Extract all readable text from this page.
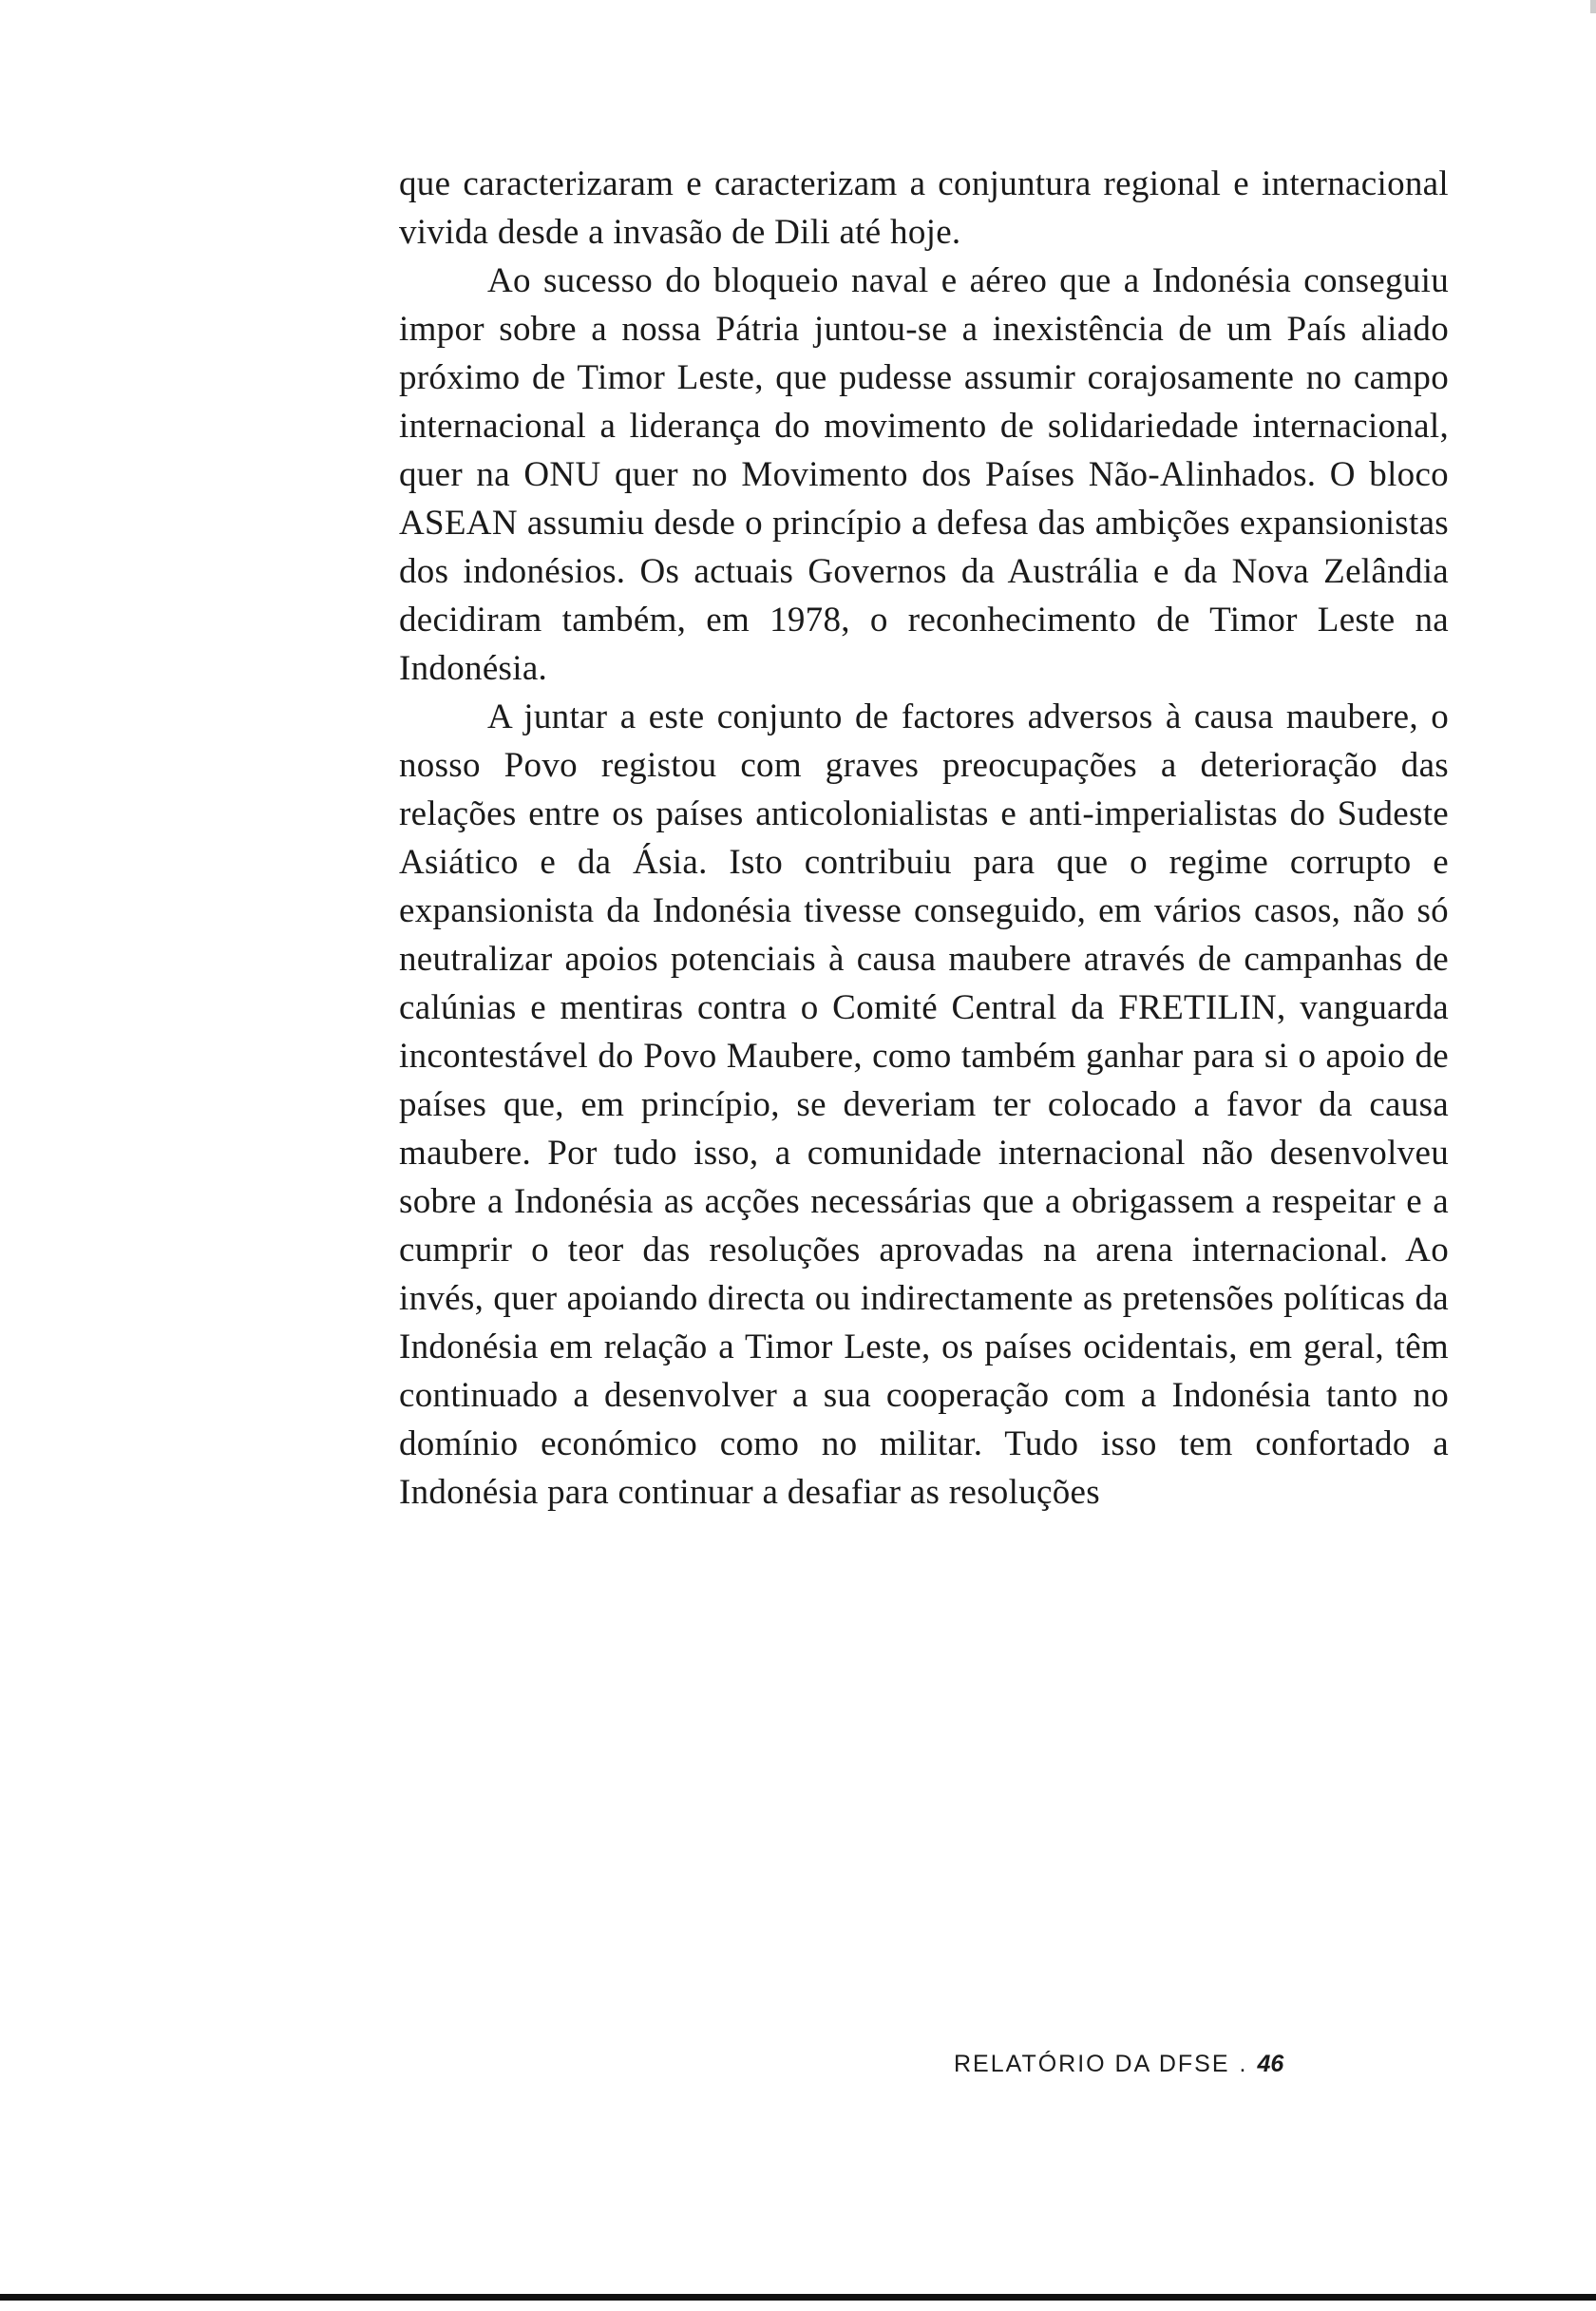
que caracterizaram e caracterizam a conjuntura regional e internacional vivida desde a invasão de Dili até hoje.

Ao sucesso do bloqueio naval e aéreo que a Indonésia conseguiu impor sobre a nossa Pátria juntou-se a inexistência de um País aliado próximo de Timor Leste, que pudesse assumir corajosamente no campo internacional a liderança do movimento de solidariedade internacional, quer na ONU quer no Movimento dos Países Não-Alinhados. O bloco ASEAN assumiu desde o princípio a defesa das ambições expansionistas dos indonésios. Os actuais Governos da Austrália e da Nova Zelândia decidiram também, em 1978, o reconhecimento de Timor Leste na Indonésia.

A juntar a este conjunto de factores adversos à causa maubere, o nosso Povo registou com graves preocupações a deterioração das relações entre os países anticolonialistas e anti-imperialistas do Sudeste Asiático e da Ásia. Isto contribuiu para que o regime corrupto e expansionista da Indonésia tivesse conseguido, em vários casos, não só neutralizar apoios potenciais à causa maubere através de campanhas de calúnias e mentiras contra o Comité Central da FRETILIN, vanguarda incontestável do Povo Maubere, como também ganhar para si o apoio de países que, em princípio, se deveriam ter colocado a favor da causa maubere. Por tudo isso, a comunidade internacional não desenvolveu sobre a Indonésia as acções necessárias que a obrigassem a respeitar e a cumprir o teor das resoluções aprovadas na arena internacional. Ao invés, quer apoiando directa ou indirectamente as pretensões políticas da Indonésia em relação a Timor Leste, os países ocidentais, em geral, têm continuado a desenvolver a sua cooperação com a Indonésia tanto no domínio económico como no militar. Tudo isso tem confortado a Indonésia para continuar a desafiar as resoluções

RELATÓRIO DA DFSE . 46
